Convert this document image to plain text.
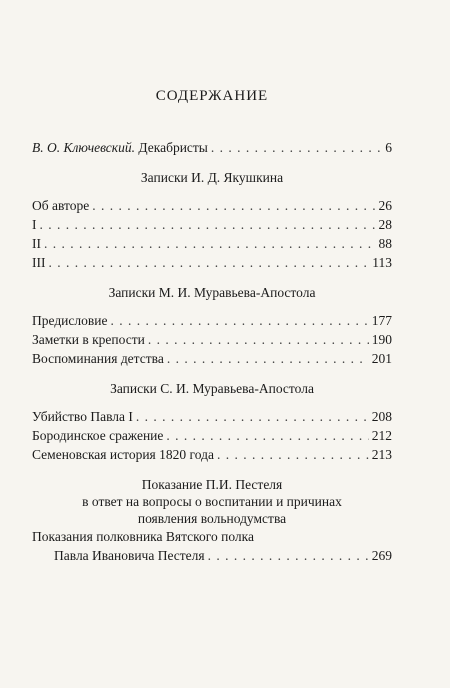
СОДЕРЖАНИЕ
В. О. Ключевский. Декабристы . . .	6

Записки И. Д. Якушкина

Об авторе . . .	26
I . . .	28
II . . .	88
III . . .	113

Записки М. И. Муравьева-Апостола

Предисловие . . .	177
Заметки в крепости . . .	190
Воспоминания детства . . .	201

Записки С. И. Муравьева-Апостола

Убийство Павла I . . .	208
Бородинское сражение . . .	212
Семеновская история 1820 года . . .	213

Показание П.И. Пестеля
в ответ на вопросы о воспитании и причинах
появления вольнодумства

Показания полковника Вятского полка
Павла Ивановича Пестеля . . .	269
